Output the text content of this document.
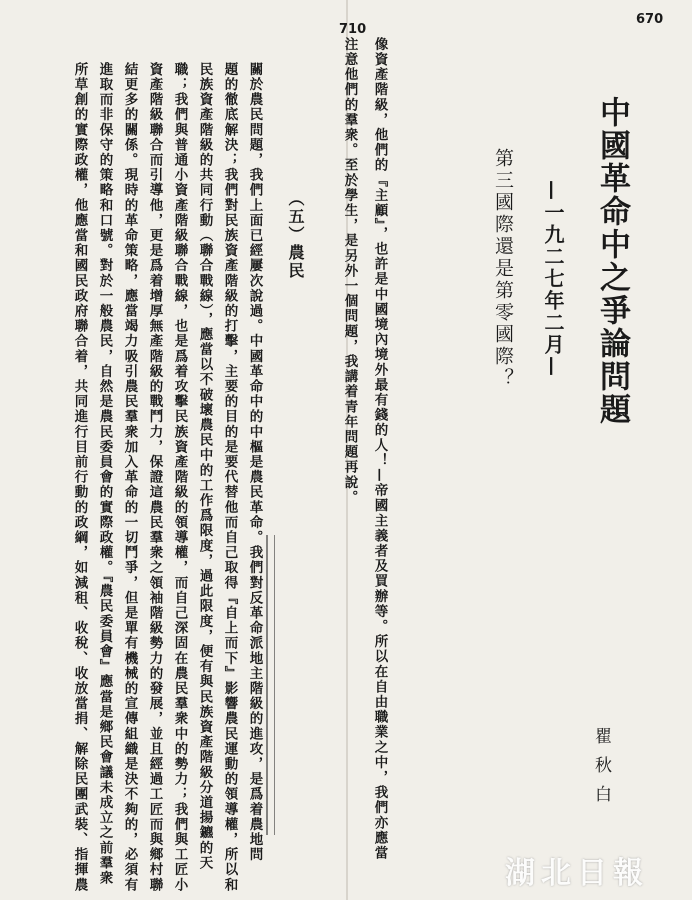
710
670
中國革命中之爭論問題
—一九二七年二月—
第三國際還是第零國際？
瞿秋白
像資產階級，他們的『主顧』，也許是中國境內境外最有錢的人！—帝國主義者及買辦等。所以在自由職業之中，我們亦應當
注意他們的羣衆。至於學生，是另外一個問題，我講着青年問題再說。
（五）農民
關於農民問題，我們上面已經屢次說過。中國革命中的中樞是農民革命。我們對反革命派地主階級的進攻，是爲着農地問
題的徹底解決；我們對民族資產階級的打擊，主要的目的是要代替他而自己取得『自上而下』影響農民運動的領導權，所以和
民族資產階級的共同行動（聯合戰線），應當以不破壞農民中的工作爲限度，過此限度，便有與民族資產階級分道揚鑣的天
職；我們與普通小資產階級聯合戰線，也是爲着攻擊民族資產階級的領導權，而自己深固在農民羣衆中的勢力；我們與工匠小
資產階級聯合而引導他，更是爲着增厚無產階級的戰鬥力，保證這農民羣衆之領袖階級勢力的發展，並且經過工匠而與鄉村聯
結更多的關係。現時的革命策略，應當竭力吸引農民羣衆加入革命的一切鬥爭，但是單有機械的宣傳組織是決不夠的，必須有
進取而非保守的策略和口號。對於一般農民，自然是農民委員會的實際政權。『農民委員會』應當是鄉民會議未成立之前羣衆
所草創的實際政權，他應當和國民政府聯合着，共同進行目前行動的政綱，如減租、收稅、收放當捐、解除民團武裝、指揮農	湖北日報
